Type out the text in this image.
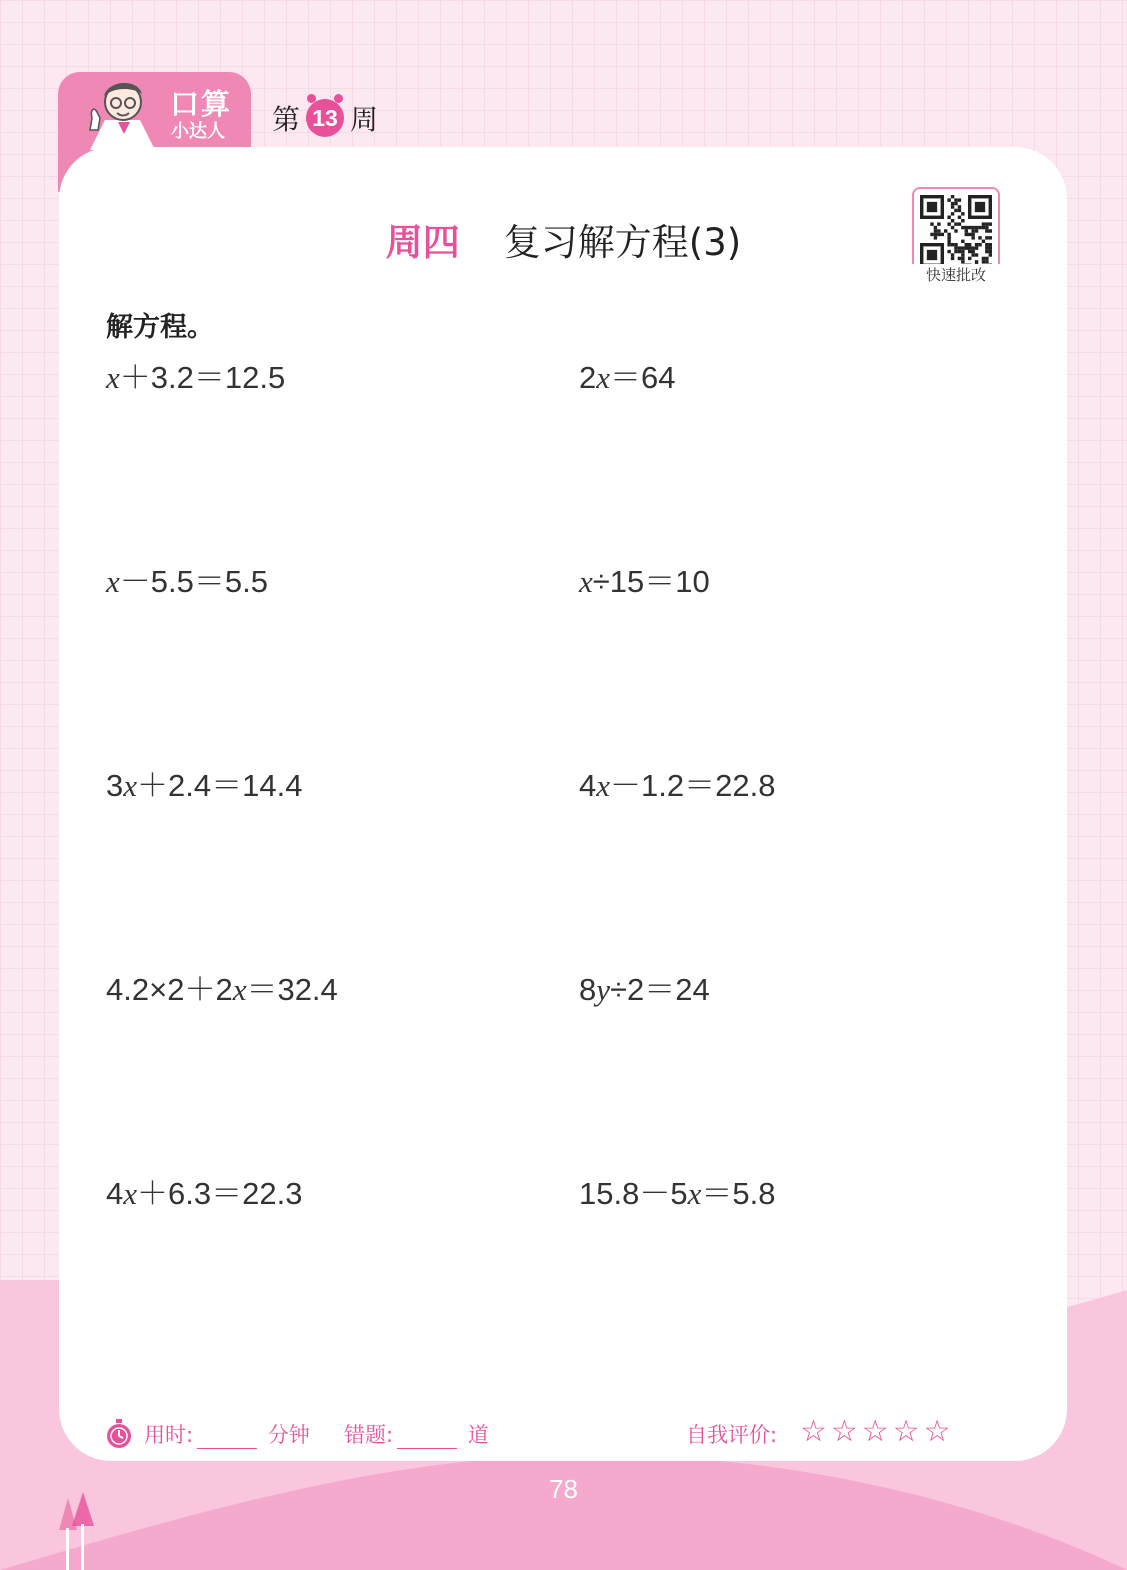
口算
小达人 第 13 周
周四 复习解方程(3)
快速批改
解方程。
x＋3.2＝12.5	2x＝64
x－5.5＝5.5	x÷15＝10
3x＋2.4＝14.4	4x－1.2＝22.8
4.2×2＋2x＝32.4	8y÷2＝24
4x＋6.3＝22.3	15.8－5x＝5.8
用时:	分钟 错题:	道	自我评价: ☆☆☆☆☆
78
